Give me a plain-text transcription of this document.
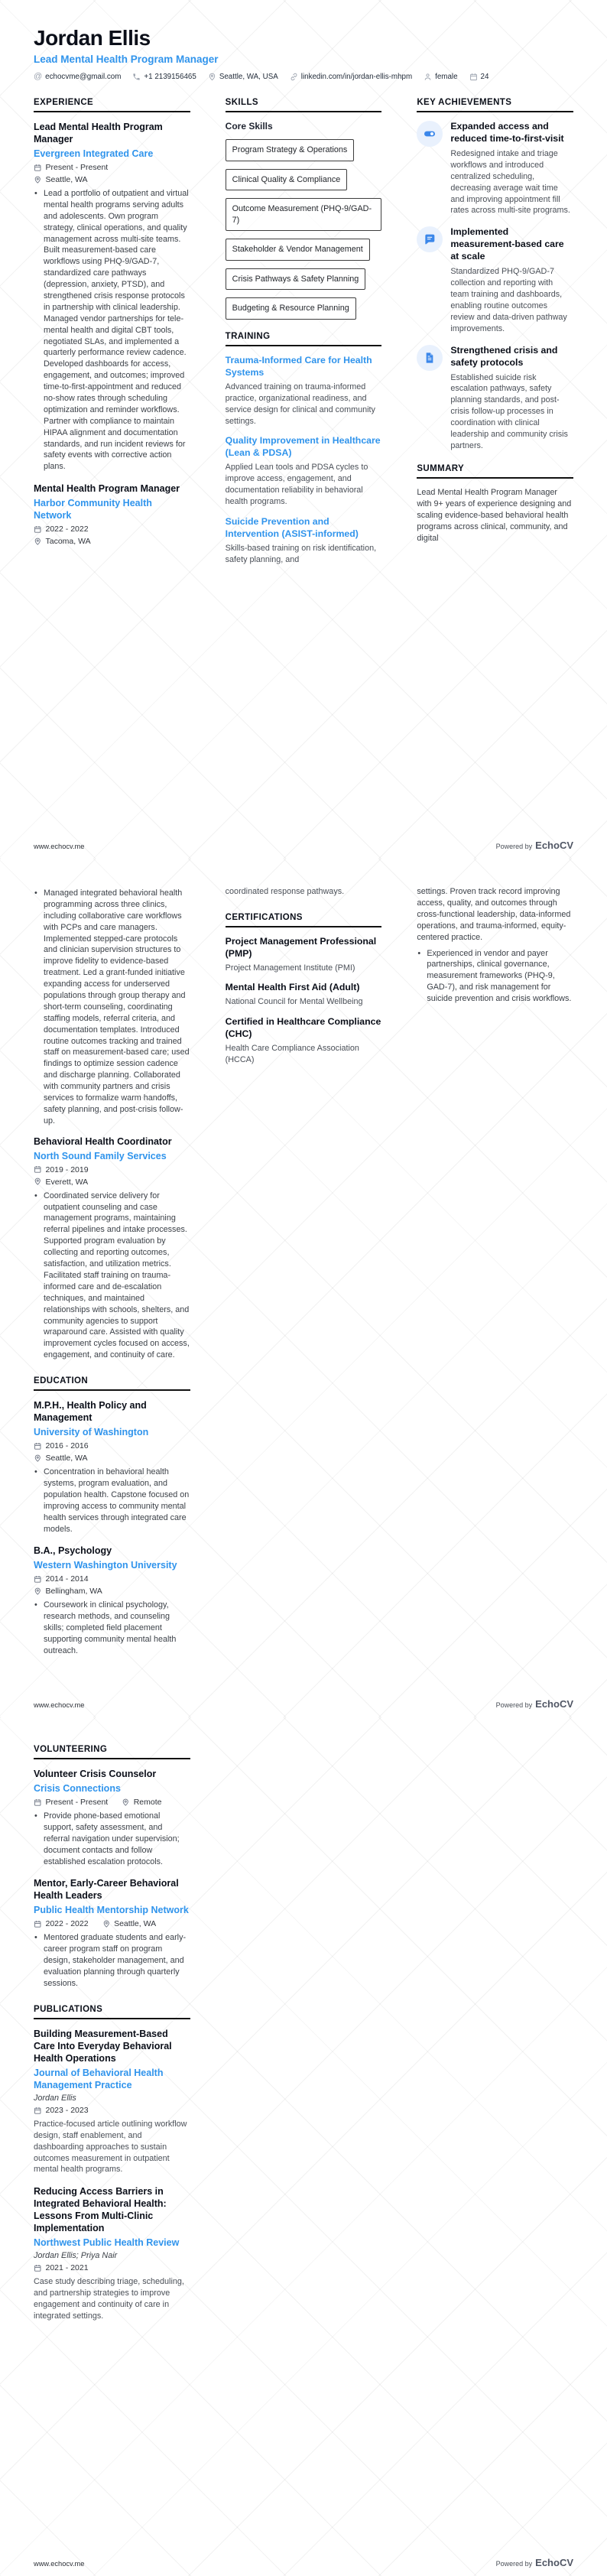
Jordan Ellis
Lead Mental Health Program Manager
@ echocvme@gmail.com	+1 2139156465	Seattle, WA, USA	linkedin.com/in/jordan-ellis-mhpm	female	24
EXPERIENCE
Lead Mental Health Program Manager
Evergreen Integrated Care
Present - Present
Seattle, WA
• Lead a portfolio of outpatient and virtual mental health programs serving adults and adolescents. Own program strategy, clinical operations, and quality management across multi-site teams. Built measurement-based care workflows using PHQ-9/GAD-7, standardized care pathways (depression, anxiety, PTSD), and strengthened crisis response protocols in partnership with clinical leadership. Managed vendor partnerships for tele-mental health and digital CBT tools, negotiated SLAs, and implemented a quarterly performance review cadence. Developed dashboards for access, engagement, and outcomes; improved time-to-first-appointment and reduced no-show rates through scheduling optimization and reminder workflows. Partner with compliance to maintain HIPAA alignment and documentation standards, and run incident reviews for safety events with corrective action plans.
Mental Health Program Manager
Harbor Community Health Network
2022 - 2022
Tacoma, WA
SKILLS
Core Skills
Program Strategy & Operations
Clinical Quality & Compliance
Outcome Measurement (PHQ-9/GAD-7)
Stakeholder & Vendor Management
Crisis Pathways & Safety Planning
Budgeting & Resource Planning
TRAINING
Trauma-Informed Care for Health Systems
Advanced training on trauma-informed practice, organizational readiness, and service design for clinical and community settings.
Quality Improvement in Healthcare (Lean & PDSA)
Applied Lean tools and PDSA cycles to improve access, engagement, and documentation reliability in behavioral health programs.
Suicide Prevention and Intervention (ASIST-informed)
Skills-based training on risk identification, safety planning, and
KEY ACHIEVEMENTS
Expanded access and reduced time-to-first-visit
Redesigned intake and triage workflows and introduced centralized scheduling, decreasing average wait time and improving appointment fill rates across multi-site programs.
Implemented measurement-based care at scale
Standardized PHQ-9/GAD-7 collection and reporting with team training and dashboards, enabling routine outcomes review and data-driven pathway improvements.
Strengthened crisis and safety protocols
Established suicide risk escalation pathways, safety planning standards, and post-crisis follow-up processes in coordination with clinical leadership and community crisis partners.
SUMMARY
Lead Mental Health Program Manager with 9+ years of experience designing and scaling evidence-based behavioral health programs across clinical, community, and digital
www.echocv.me	Powered by EchoCV
• Managed integrated behavioral health programming across three clinics, including collaborative care workflows with PCPs and care managers. Implemented stepped-care protocols and clinician supervision structures to improve fidelity to evidence-based treatment. Led a grant-funded initiative expanding access for underserved populations through group therapy and short-term counseling, coordinating staffing models, referral criteria, and documentation templates. Introduced routine outcomes tracking and trained staff on measurement-based care; used findings to optimize session cadence and discharge planning. Collaborated with community partners and crisis services to formalize warm handoffs, safety planning, and post-crisis follow-up.
Behavioral Health Coordinator
North Sound Family Services
2019 - 2019
Everett, WA
• Coordinated service delivery for outpatient counseling and case management programs, maintaining referral pipelines and intake processes. Supported program evaluation by collecting and reporting outcomes, satisfaction, and utilization metrics. Facilitated staff training on trauma-informed care and de-escalation techniques, and maintained relationships with schools, shelters, and community agencies to support wraparound care. Assisted with quality improvement cycles focused on access, engagement, and continuity of care.
EDUCATION
M.P.H., Health Policy and Management
University of Washington
2016 - 2016
Seattle, WA
• Concentration in behavioral health systems, program evaluation, and population health. Capstone focused on improving access to community mental health services through integrated care models.
B.A., Psychology
Western Washington University
2014 - 2014
Bellingham, WA
• Coursework in clinical psychology, research methods, and counseling skills; completed field placement supporting community mental health outreach.
coordinated response pathways.
CERTIFICATIONS
Project Management Professional (PMP)
Project Management Institute (PMI)
Mental Health First Aid (Adult)
National Council for Mental Wellbeing
Certified in Healthcare Compliance (CHC)
Health Care Compliance Association (HCCA)
settings. Proven track record improving access, quality, and outcomes through cross-functional leadership, data-informed operations, and trauma-informed, equity-centered practice.
• Experienced in vendor and payer partnerships, clinical governance, measurement frameworks (PHQ-9, GAD-7), and risk management for suicide prevention and crisis workflows.
www.echocv.me	Powered by EchoCV
VOLUNTEERING
Volunteer Crisis Counselor
Crisis Connections
Present - Present	Remote
• Provide phone-based emotional support, safety assessment, and referral navigation under supervision; document contacts and follow established escalation protocols.
Mentor, Early-Career Behavioral Health Leaders
Public Health Mentorship Network
2022 - 2022	Seattle, WA
• Mentored graduate students and early-career program staff on program design, stakeholder management, and evaluation planning through quarterly sessions.
PUBLICATIONS
Building Measurement-Based Care Into Everyday Behavioral Health Operations
Journal of Behavioral Health Management Practice
Jordan Ellis
2023 - 2023
Practice-focused article outlining workflow design, staff enablement, and dashboarding approaches to sustain outcomes measurement in outpatient mental health programs.
Reducing Access Barriers in Integrated Behavioral Health: Lessons From Multi-Clinic Implementation
Northwest Public Health Review
Jordan Ellis; Priya Nair
2021 - 2021
Case study describing triage, scheduling, and partnership strategies to improve engagement and continuity of care in integrated settings.
www.echocv.me	Powered by EchoCV
